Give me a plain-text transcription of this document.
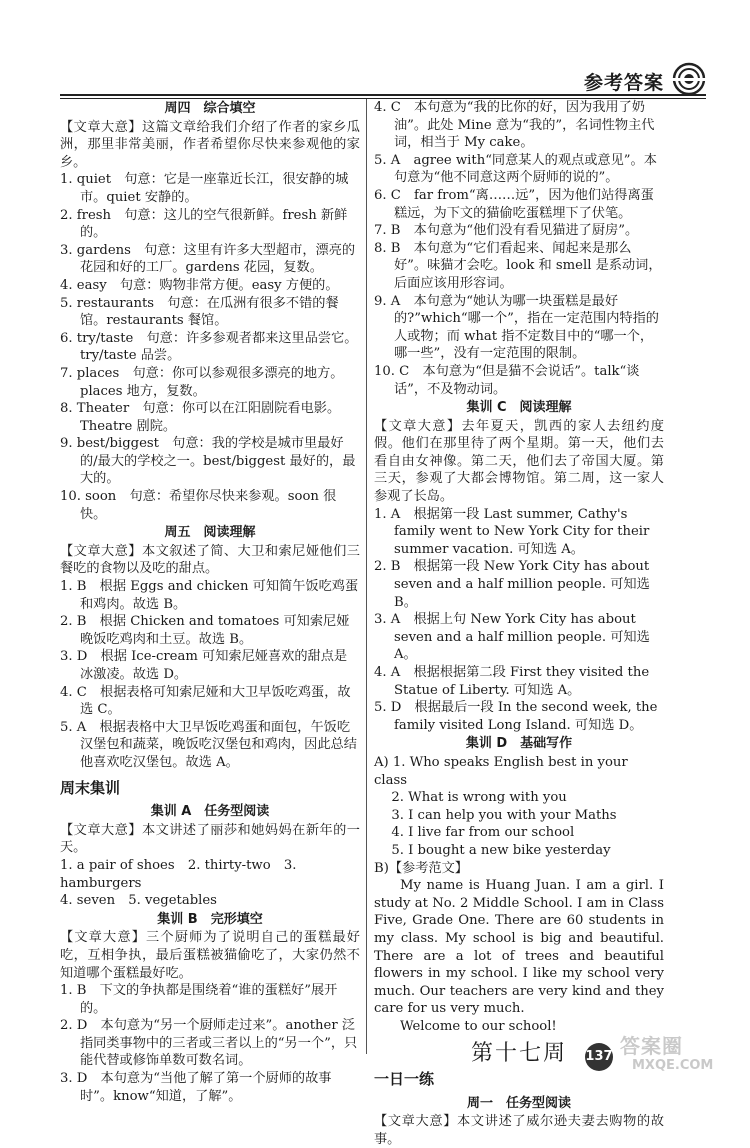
参考答案
周四　综合填空
【文章大意】这篇文章给我们介绍了作者的家乡瓜洲，那里非常美丽，作者希望你尽快来参观他的家乡。
1. quiet　句意：它是一座靠近长江，很安静的城市。quiet 安静的。
2. fresh　句意：这儿的空气很新鲜。fresh 新鲜的。
3. gardens　句意：这里有许多大型超市，漂亮的花园和好的工厂。gardens 花园，复数。
4. easy　句意：购物非常方便。easy 方便的。
5. restaurants　句意：在瓜洲有很多不错的餐馆。restaurants 餐馆。
6. try/taste　句意：许多参观者都来这里品尝它。try/taste 品尝。
7. places　句意：你可以参观很多漂亮的地方。places 地方，复数。
8. Theater　句意：你可以在江阳剧院看电影。Theatre 剧院。
9. best/biggest　句意：我的学校是城市里最好的/最大的学校之一。best/biggest 最好的，最大的。
10. soon　句意：希望你尽快来参观。soon 很快。
周五　阅读理解
【文章大意】本文叙述了简、大卫和索尼娅他们三餐吃的食物以及吃的甜点。
1. B　根据 Eggs and chicken 可知简午饭吃鸡蛋和鸡肉。故选 B。
2. B　根据 Chicken and tomatoes 可知索尼娅晚饭吃鸡肉和土豆。故选 B。
3. D　根据 Ice-cream 可知索尼娅喜欢的甜点是冰激凌。故选 D。
4. C　根据表格可知索尼娅和大卫早饭吃鸡蛋，故选 C。
5. A　根据表格中大卫早饭吃鸡蛋和面包，午饭吃汉堡包和蔬菜，晚饭吃汉堡包和鸡肉，因此总结他喜欢吃汉堡包。故选 A。
周末集训
集训 A　任务型阅读
【文章大意】本文讲述了丽莎和她妈妈在新年的一天。
1. a pair of shoes　2. thirty-two　3. hamburgers
4. seven　5. vegetables
集训 B　完形填空
【文章大意】三个厨师为了说明自己的蛋糕最好吃，互相争执，最后蛋糕被猫偷吃了，大家仍然不知道哪个蛋糕最好吃。
1. B　下文的争执都是围绕着“谁的蛋糕好”展开的。
2. D　本句意为“另一个厨师走过来”。another 泛指同类事物中的三者或三者以上的“另一个”，只能代替或修饰单数可数名词。
3. D　本句意为“当他了解了第一个厨师的故事时”。know“知道，了解”。
4. C　本句意为“我的比你的好，因为我用了奶油”。此处 Mine 意为“我的”，名词性物主代词，相当于 My cake。
5. A　agree with“同意某人的观点或意见”。本句意为“他不同意这两个厨师的说的”。
6. C　far from“离……远”，因为他们站得离蛋糕远，为下文的猫偷吃蛋糕埋下了伏笔。
7. B　本句意为“他们没有看见猫进了厨房”。
8. B　本句意为“它们看起来、闻起来是那么好”。味猫才会吃。look 和 smell 是系动词，后面应该用形容词。
9. A　本句意为“她认为哪一块蛋糕是最好的?”which“哪一个”，指在一定范围内特指的人或物；而 what 指不定数目中的“哪一个，哪一些”，没有一定范围的限制。
10. C　本句意为“但是猫不会说话”。talk“谈话”，不及物动词。
集训 C　阅读理解
【文章大意】去年夏天，凯西的家人去纽约度假。他们在那里待了两个星期。第一天，他们去看自由女神像。第二天，他们去了帝国大厦。第三天，参观了大都会博物馆。第二周，这一家人参观了长岛。
1. A　根据第一段 Last summer, Cathy's family went to New York City for their summer vacation. 可知选 A。
2. B　根据第一段 New York City has about seven and a half million people. 可知选 B。
3. A　根据上句 New York City has about seven and a half million people. 可知选 A。
4. A　根据根据第二段 First they visited the Statue of Liberty. 可知选 A。
5. D　根据最后一段 In the second week, the family visited Long Island. 可知选 D。
集训 D　基础写作
A) 1. Who speaks English best in your class
　 2. What is wrong with you
　 3. I can help you with your Maths
　 4. I live far from our school
　 5. I bought a new bike yesterday
B)【参考范文】
My name is Huang Juan. I am a girl. I study at No. 2 Middle School. I am in Class Five, Grade One. There are 60 students in my class. My school is big and beautiful. There are a lot of trees and beautiful flowers in my school. I like my school very much. Our teachers are very kind and they care for us very much.
Welcome to our school!
第十七周
一日一练
周一　任务型阅读
【文章大意】本文讲述了威尔逊夫妻去购物的故事。
137 答案圈
MXQE.COM
